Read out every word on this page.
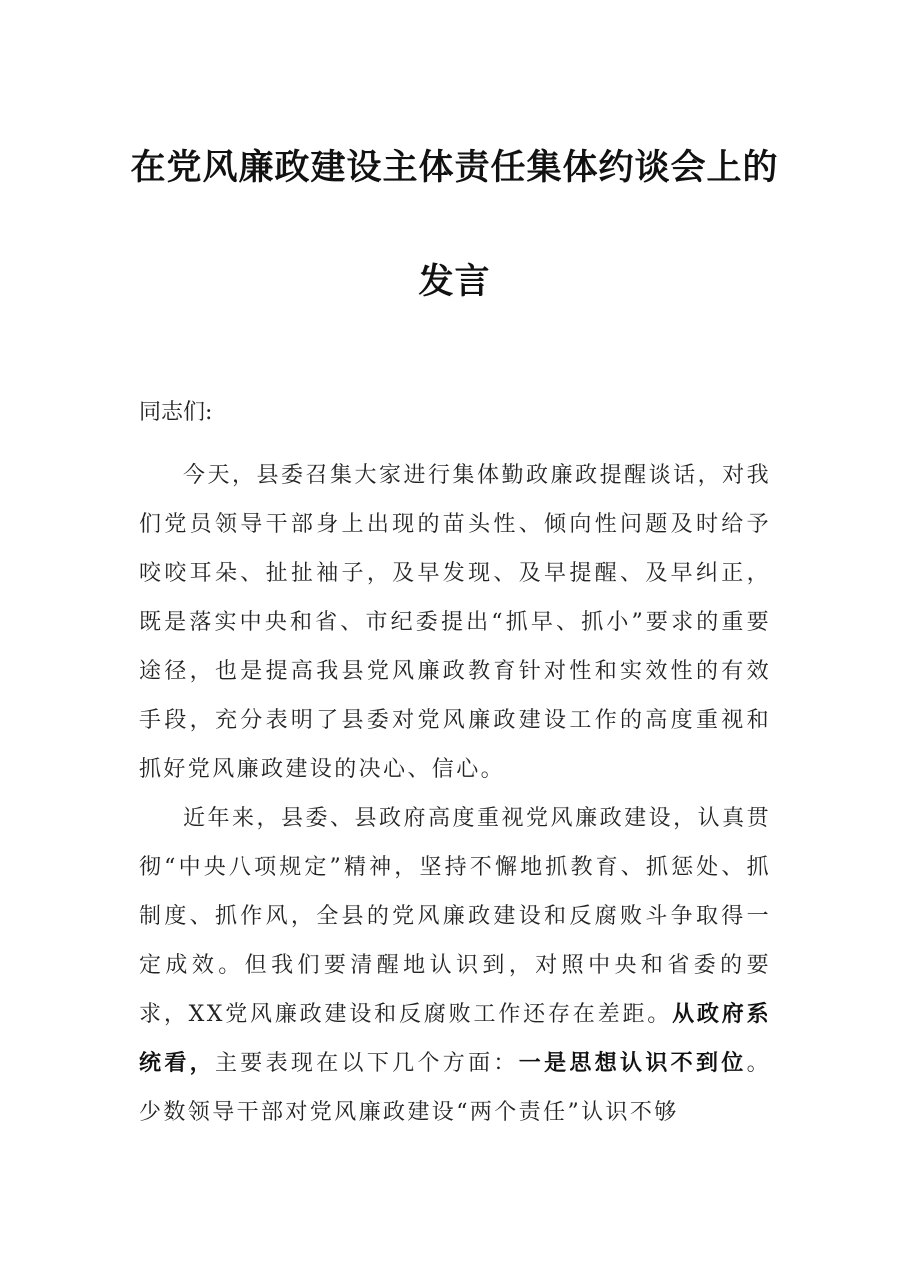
在党风廉政建设主体责任集体约谈会上的
发言
同志们:

今天，县委召集大家进行集体勤政廉政提醒谈话，对我们党员领导干部身上出现的苗头性、倾向性问题及时给予咬咬耳朵、扯扯袖子，及早发现、及早提醒、及早纠正，既是落实中央和省、市纪委提出“抓早、抓小”要求的重要途径，也是提高我县党风廉政教育针对性和实效性的有效手段，充分表明了县委对党风廉政建设工作的高度重视和抓好党风廉政建设的决心、信心。

近年来，县委、县政府高度重视党风廉政建设，认真贯彻“中央八项规定”精神，坚持不懈地抓教育、抓惩处、抓制度、抓作风，全县的党风廉政建设和反腐败斗争取得一定成效。但我们要清醒地认识到，对照中央和省委的要求，XX党风廉政建设和反腐败工作还存在差距。从政府系统看，主要表现在以下几个方面：一是思想认识不到位。少数领导干部对党风廉政建设“两个责任”认识不够
